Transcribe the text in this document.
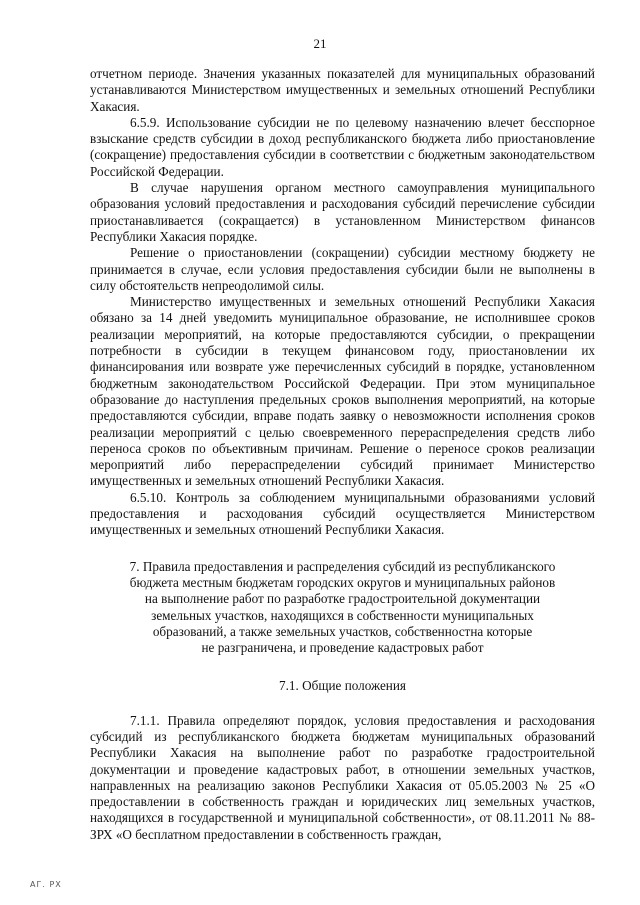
21

отчетном периоде. Значения указанных показателей для муниципальных образований устанавливаются Министерством имущественных и земельных отношений Республики Хакасия.

6.5.9. Использование субсидии не по целевому назначению влечет бесспорное взыскание средств субсидии в доход республиканского бюджета либо приостановление (сокращение) предоставления субсидии в соответствии с бюджетным законодательством Российской Федерации.

В случае нарушения органом местного самоуправления муниципального образования условий предоставления и расходования субсидий перечисление субсидии приостанавливается (сокращается) в установленном Министерством финансов Республики Хакасия порядке.

Решение о приостановлении (сокращении) субсидии местному бюджету не принимается в случае, если условия предоставления субсидии были не выполнены в силу обстоятельств непреодолимой силы.

Министерство имущественных и земельных отношений Республики Хакасия обязано за 14 дней уведомить муниципальное образование, не исполнившее сроков реализации мероприятий, на которые предоставляются субсидии, о прекращении потребности в субсидии в текущем финансовом году, приостановлении их финансирования или возврате уже перечисленных субсидий в порядке, установленном бюджетным законодательством Российской Федерации. При этом муниципальное образование до наступления предельных сроков выполнения мероприятий, на которые предоставляются субсидии, вправе подать заявку о невозможности исполнения сроков реализации мероприятий с целью своевременного перераспределения средств либо переноса сроков по объективным причинам. Решение о переносе сроков реализации мероприятий либо перераспределении субсидий принимает Министерство имущественных и земельных отношений Республики Хакасия.

6.5.10. Контроль за соблюдением муниципальными образованиями условий предоставления и расходования субсидий осуществляется Министерством имущественных и земельных отношений Республики Хакасия.

7. Правила предоставления и распределения субсидий из республиканского
бюджета местным бюджетам городских округов и муниципальных районов
на выполнение работ по разработке градостроительной документации
земельных участков, находящихся в собственности муниципальных
образований, а также земельных участков, собственностна которые
не разграничена, и проведение кадастровых работ
7.1. Общие положения

7.1.1. Правила определяют порядок, условия предоставления и расходования субсидий из республиканского бюджета бюджетам муниципальных образований Республики Хакасия на выполнение работ по разработке градостроительной документации и проведение кадастровых работ, в отношении земельных участков, направленных на реализацию законов Республики Хакасия от 05.05.2003 № 25 «О предоставлении в собственность граждан и юридических лиц земельных участков, находящихся в государственной и муниципальной собственности», от 08.11.2011 № 88-ЗРХ «О бесплатном предоставлении в собственность граждан,

АГ. РХ
